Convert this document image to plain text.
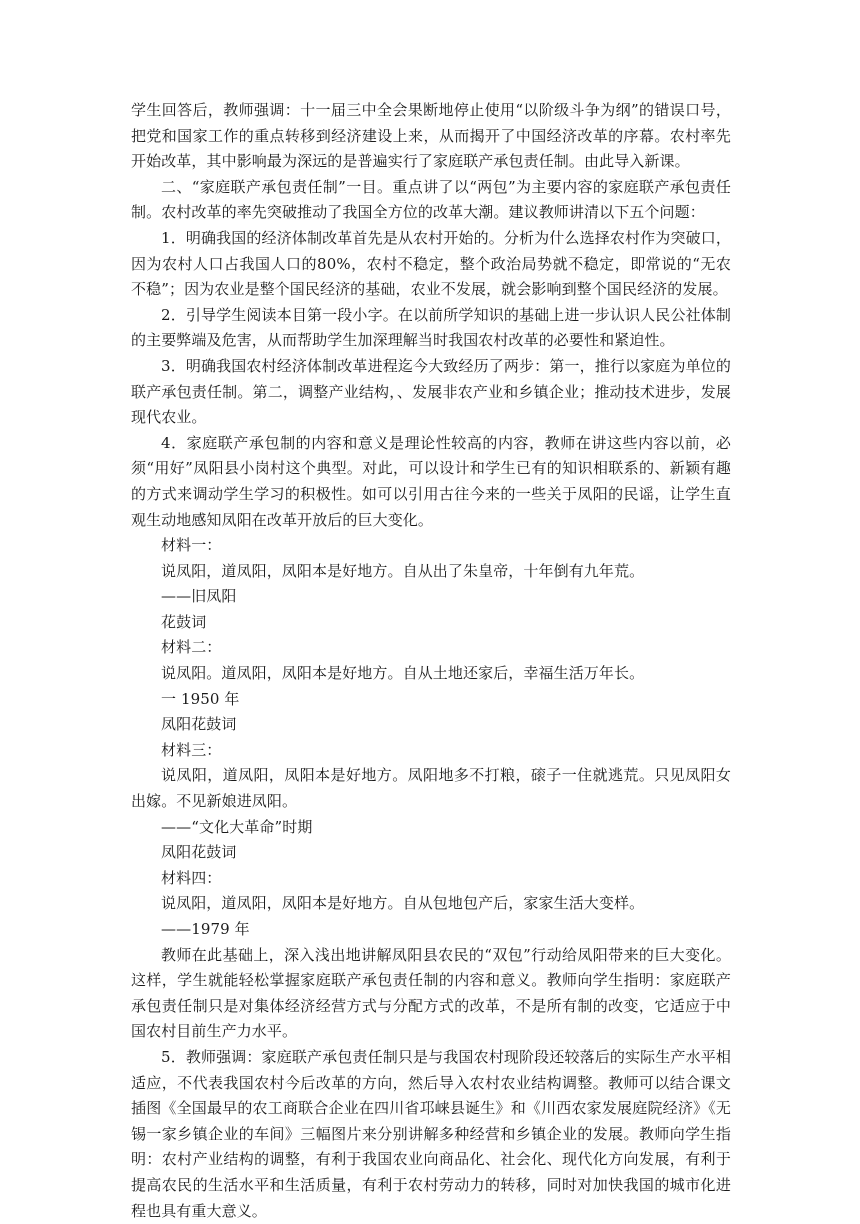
学生回答后，教师强调：十一届三中全会果断地停止使用“以阶级斗争为纲”的错误口号，把党和国家工作的重点转移到经济建设上来，从而揭开了中国经济改革的序幕。农村率先开始改革，其中影响最为深远的是普遍实行了家庭联产承包责任制。由此导入新课。

二、“家庭联产承包责任制”一目。重点讲了以“两包”为主要内容的家庭联产承包责任制。农村改革的率先突破推动了我国全方位的改革大潮。建议教师讲清以下五个问题：

1．明确我国的经济体制改革首先是从农村开始的。分析为什么选择农村作为突破口，因为农村人口占我国人口的80%，农村不稳定，整个政治局势就不稳定，即常说的“无农不稳”；因为农业是整个国民经济的基础，农业不发展，就会影响到整个国民经济的发展。

2．引导学生阅读本目第一段小字。在以前所学知识的基础上进一步认识人民公社体制的主要弊端及危害，从而帮助学生加深理解当时我国农村改革的必要性和紧迫性。

3．明确我国农村经济体制改革进程迄今大致经历了两步：第一，推行以家庭为单位的联产承包责任制。第二，调整产业结构，、发展非农产业和乡镇企业；推动技术进步，发展现代农业。

4．家庭联产承包制的内容和意义是理论性较高的内容，教师在讲这些内容以前，必须“用好”凤阳县小岗村这个典型。对此，可以设计和学生已有的知识相联系的、新颖有趣的方式来调动学生学习的积极性。如可以引用古往今来的一些关于凤阳的民谣，让学生直观生动地感知凤阳在改革开放后的巨大变化。

材料一：

说凤阳，道凤阳，凤阳本是好地方。自从出了朱皇帝，十年倒有九年荒。

——旧凤阳

花鼓词

材料二：

说凤阳。道凤阳，凤阳本是好地方。自从土地还家后，幸福生活万年长。

一 1950 年

凤阳花鼓词

材料三：

说凤阳，道凤阳，凤阳本是好地方。凤阳地多不打粮，磙子一住就逃荒。只见凤阳女出嫁。不见新娘进凤阳。

——“文化大革命”时期

凤阳花鼓词

材料四：

说凤阳，道凤阳，凤阳本是好地方。自从包地包产后，家家生活大变样。

——1979 年

教师在此基础上，深入浅出地讲解凤阳县农民的“双包”行动给凤阳带来的巨大变化。这样，学生就能轻松掌握家庭联产承包责任制的内容和意义。教师向学生指明：家庭联产承包责任制只是对集体经济经营方式与分配方式的改革，不是所有制的改变，它适应于中国农村目前生产力水平。

5．教师强调：家庭联产承包责任制只是与我国农村现阶段还较落后的实际生产水平相适应，不代表我国农村今后改革的方向，然后导入农村农业结构调整。教师可以结合课文插图《全国最早的农工商联合企业在四川省邛崃县诞生》和《川西农家发展庭院经济》《无锡一家乡镇企业的车间》三幅图片来分别讲解多种经营和乡镇企业的发展。教师向学生指明：农村产业结构的调整，有利于我国农业向商品化、社会化、现代化方向发展，有利于提高农民的生活水平和生活质量，有利于农村劳动力的转移，同时对加快我国的城市化进程也具有重大意义。
